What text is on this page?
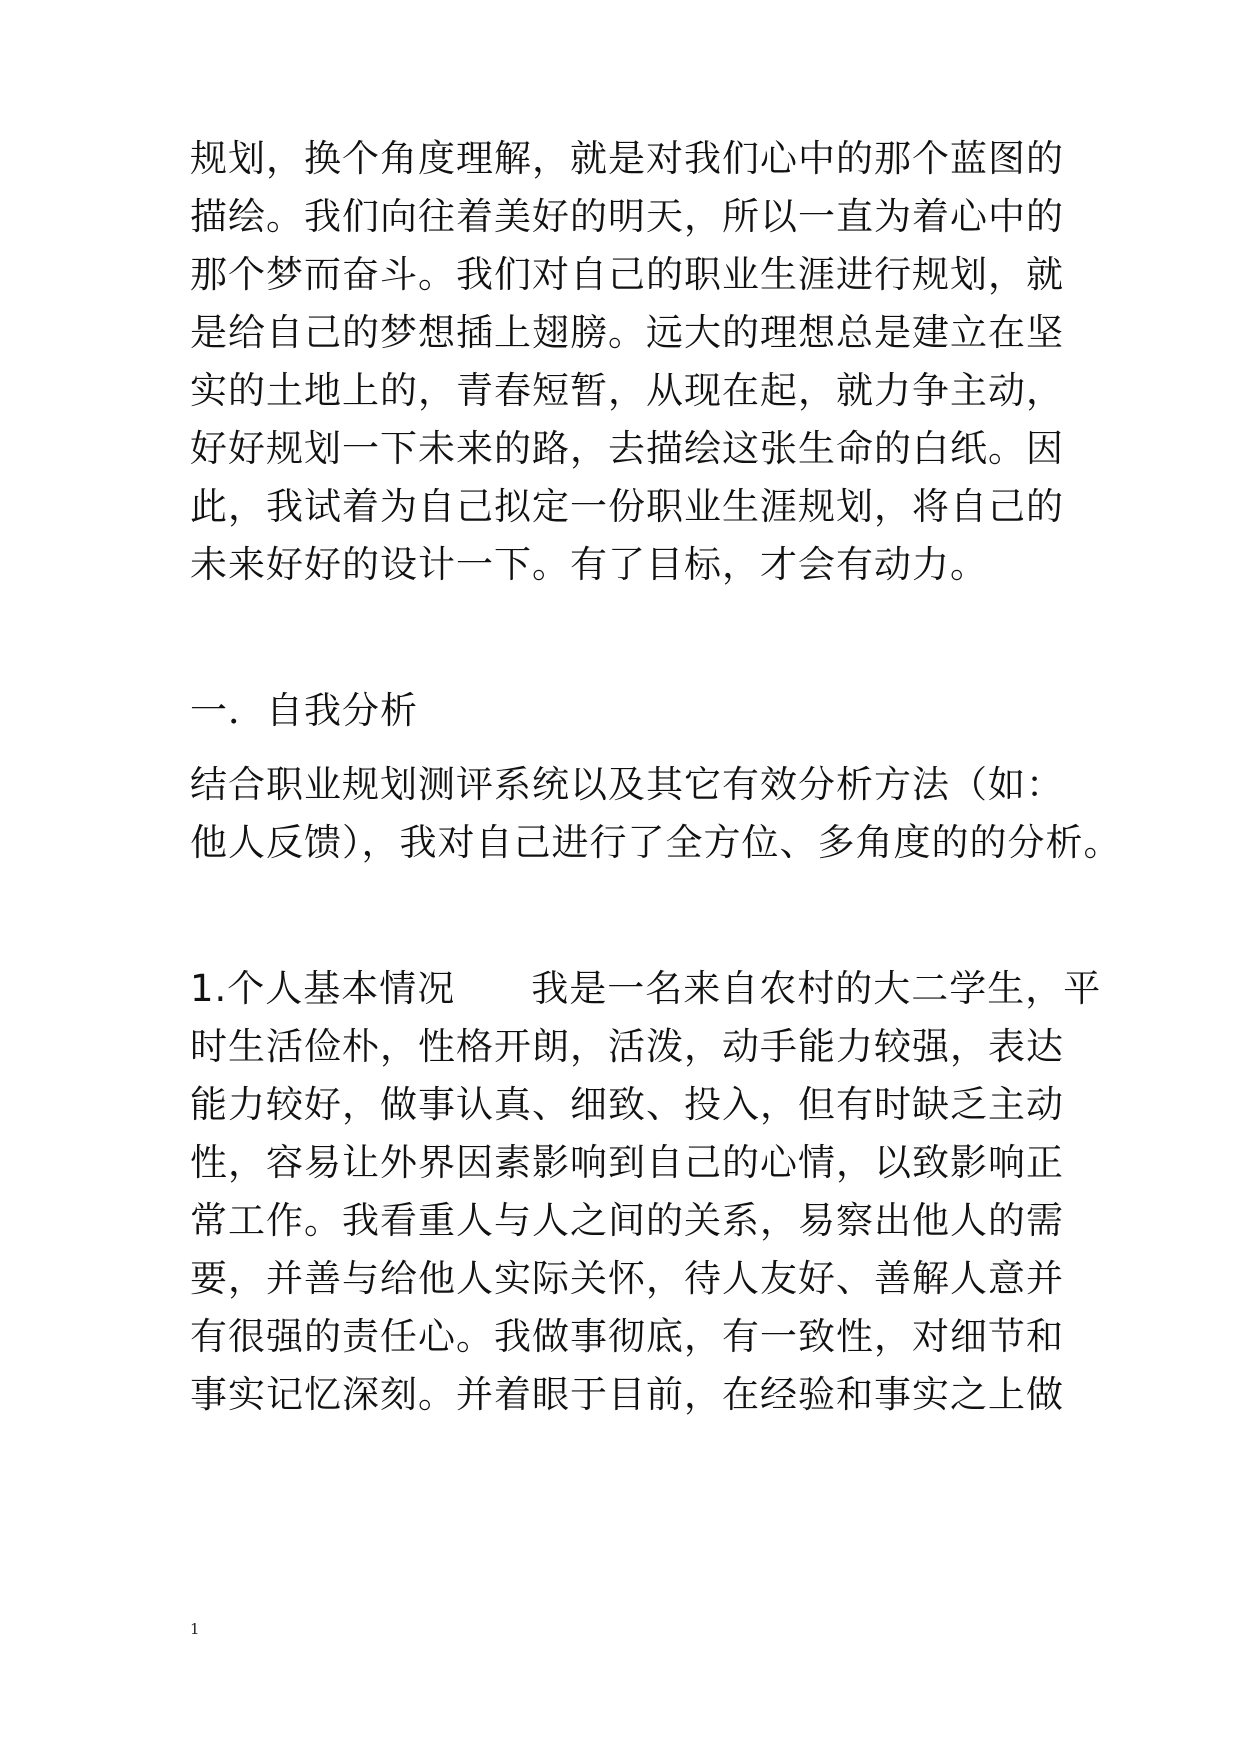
规划，换个角度理解，就是对我们心中的那个蓝图的
描绘。我们向往着美好的明天，所以一直为着心中的
那个梦而奋斗。我们对自己的职业生涯进行规划，就
是给自己的梦想插上翅膀。远大的理想总是建立在坚
实的土地上的，青春短暂，从现在起，就力争主动，
好好规划一下未来的路，去描绘这张生命的白纸。因
此，我试着为自己拟定一份职业生涯规划，将自己的
未来好好的设计一下。有了目标，才会有动力。
一．自我分析
结合职业规划测评系统以及其它有效分析方法（如：
他人反馈），我对自己进行了全方位、多角度的的分析。
1.个人基本情况　　我是一名来自农村的大二学生，平
时生活俭朴，性格开朗，活泼，动手能力较强，表达
能力较好，做事认真、细致、投入，但有时缺乏主动
性，容易让外界因素影响到自己的心情，以致影响正
常工作。我看重人与人之间的关系，易察出他人的需
要，并善与给他人实际关怀，待人友好、善解人意并
有很强的责任心。我做事彻底，有一致性，对细节和
事实记忆深刻。并着眼于目前，在经验和事实之上做
1
